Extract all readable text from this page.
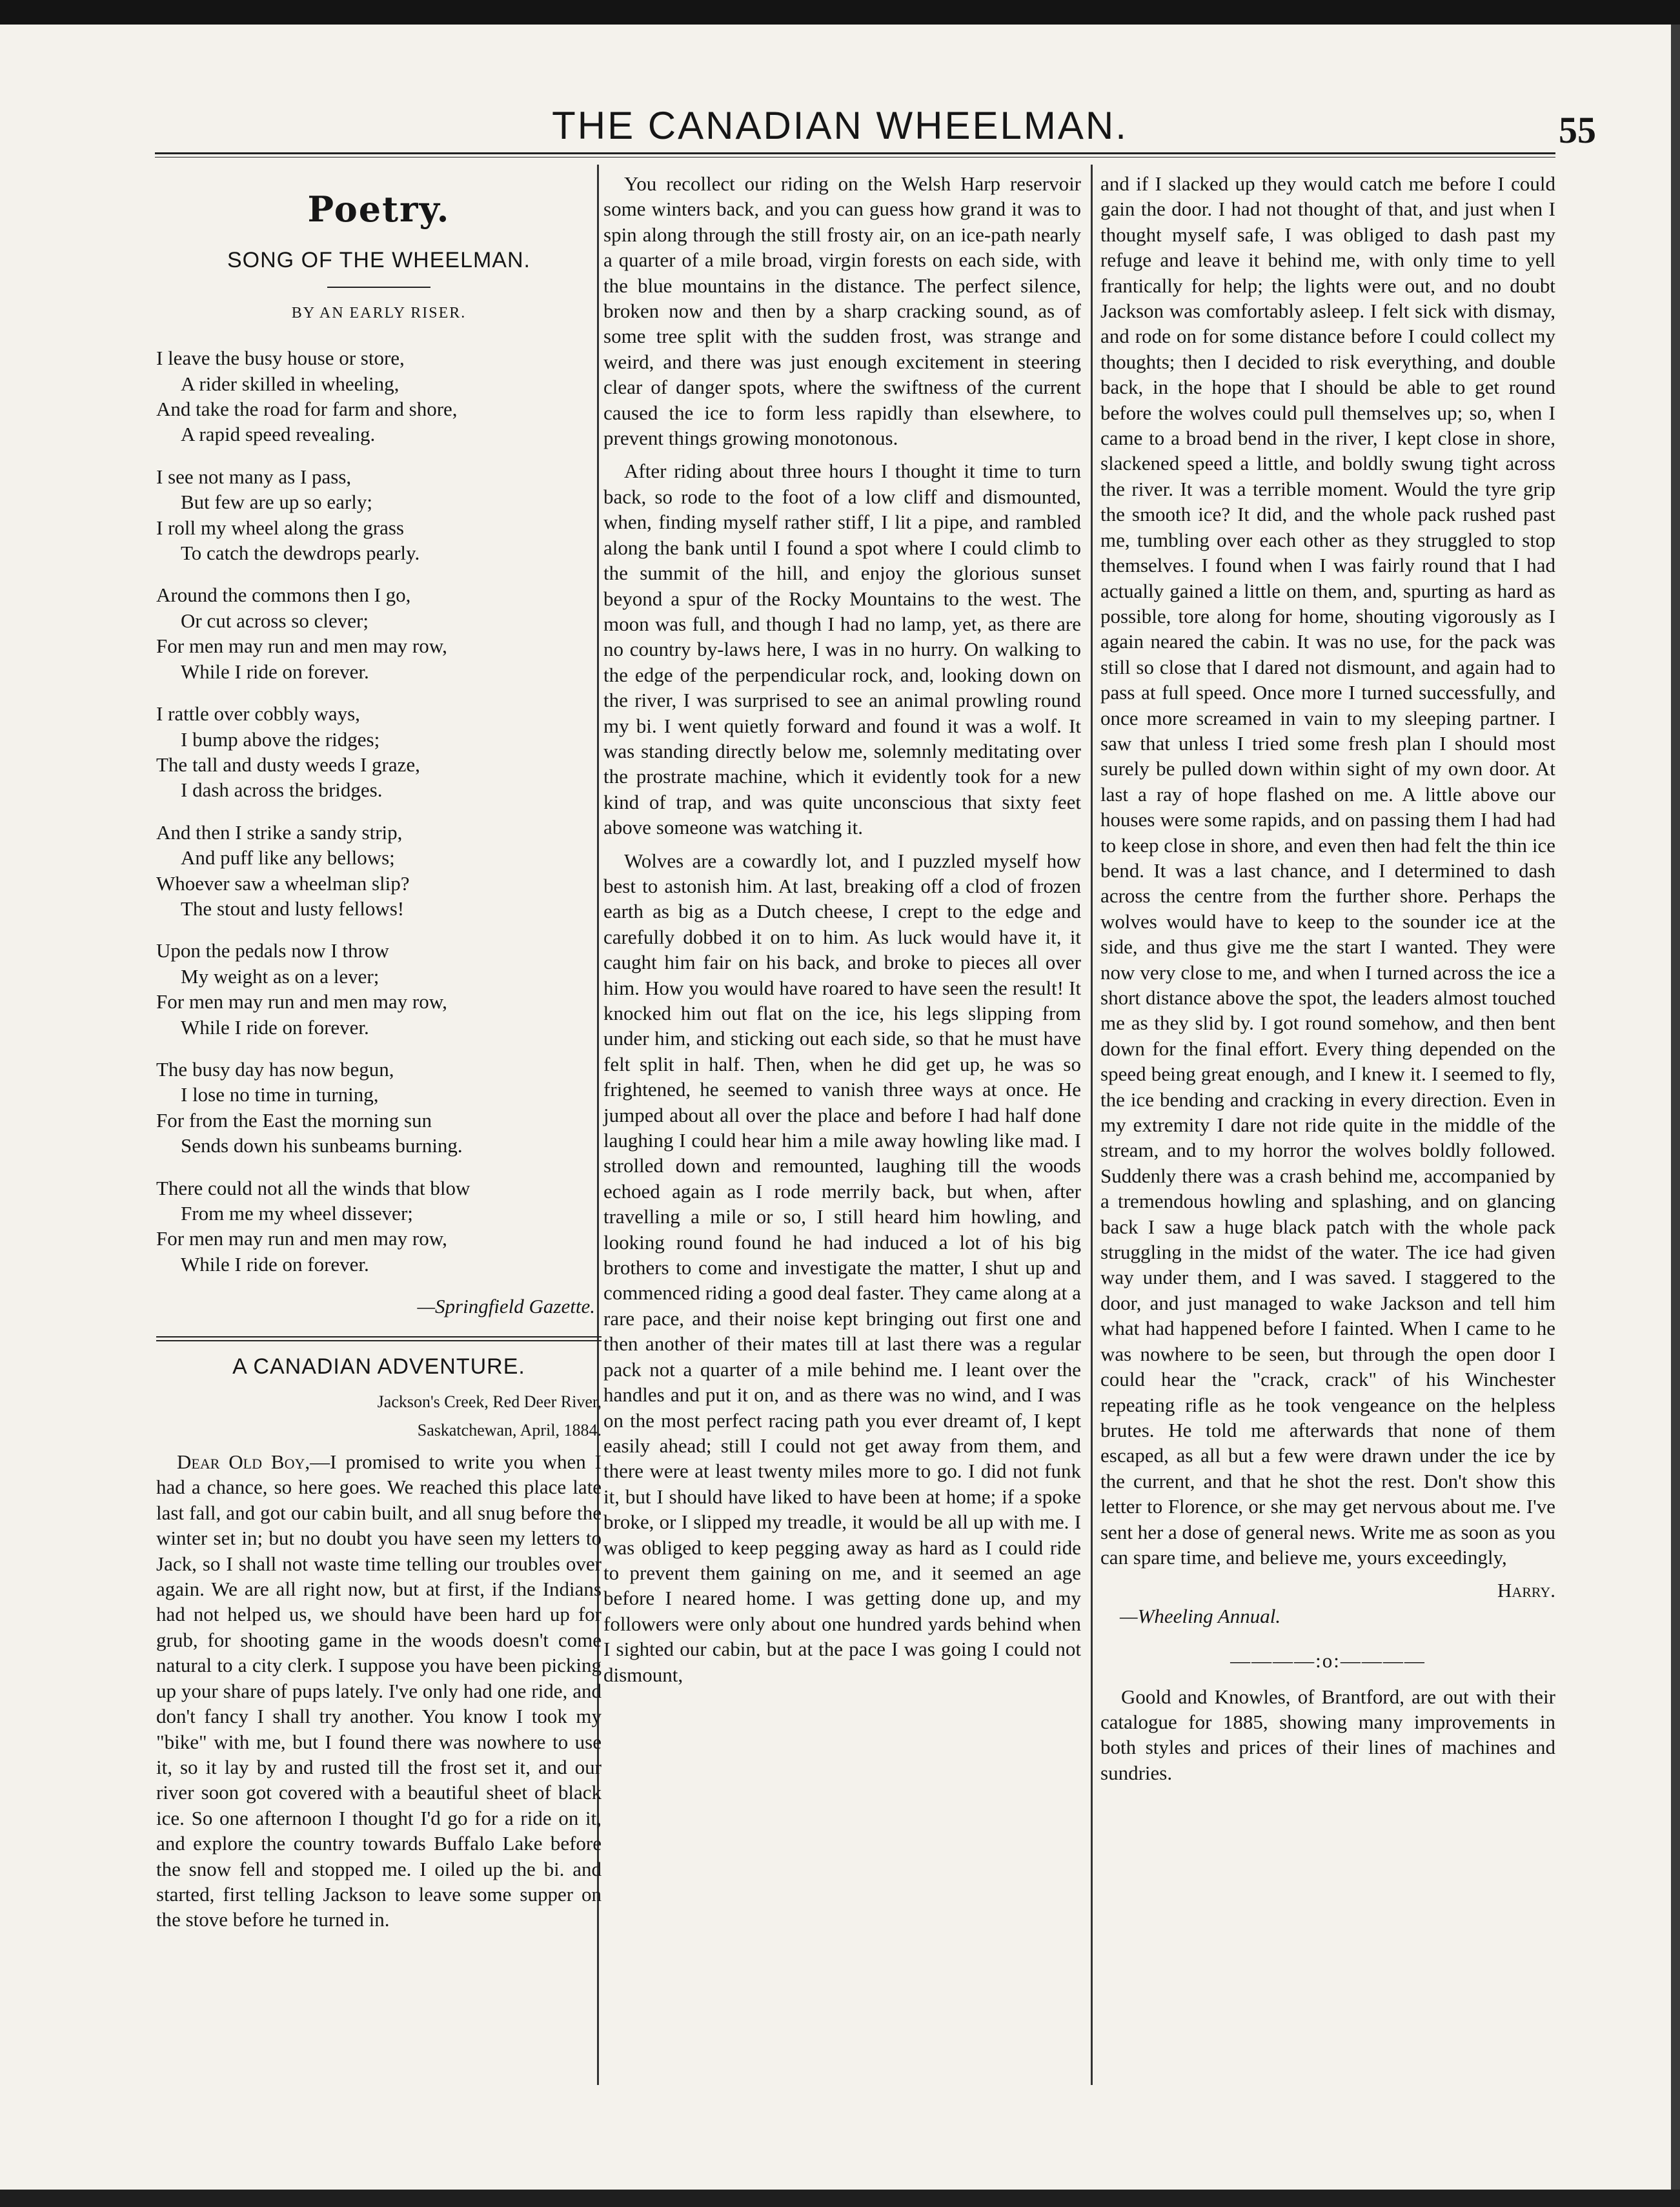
THE CANADIAN WHEELMAN.	55
Poetry.
SONG OF THE WHEELMAN.
BY AN EARLY RISER.
I leave the busy house or store,
A rider skilled in wheeling,
And take the road for farm and shore,
A rapid speed revealing.
I see not many as I pass,
But few are up so early;
I roll my wheel along the grass
To catch the dewdrops pearly.
Around the commons then I go,
Or cut across so clever;
For men may run and men may row,
While I ride on forever.
I rattle over cobbly ways,
I bump above the ridges;
The tall and dusty weeds I graze,
I dash across the bridges.
And then I strike a sandy strip,
And puff like any bellows;
Whoever saw a wheelman slip?
The stout and lusty fellows!
Upon the pedals now I throw
My weight as on a lever;
For men may run and men may row,
While I ride on forever.
The busy day has now begun,
I lose no time in turning,
For from the East the morning sun
Sends down his sunbeams burning.
There could not all the winds that blow
From me my wheel dissever;
For men may run and men may row,
While I ride on forever.
—Springfield Gazette.
A CANADIAN ADVENTURE.
Jackson's Creek, Red Deer River,
Saskatchewan, April, 1884.

Dear Old Boy,—I promised to write you when I had a chance, so here goes. We reached this place late last fall, and got our cabin built, and all snug before the winter set in; but no doubt you have seen my letters to Jack, so I shall not waste time telling our troubles over again. We are all right now, but at first, if the Indians had not helped us, we should have been hard up for grub, for shooting game in the woods doesn't come natural to a city clerk. I suppose you have been picking up your share of pups lately. I've only had one ride, and don't fancy I shall try another. You know I took my "bike" with me, but I found there was nowhere to use it, so it lay by and rusted till the frost set it, and our river soon got covered with a beautiful sheet of black ice. So one afternoon I thought I'd go for a ride on it, and explore the country towards Buffalo Lake before the snow fell and stopped me. I oiled up the bi. and started, first telling Jackson to leave some supper on the stove before he turned in.

You recollect our riding on the Welsh Harp reservoir some winters back, and you can guess how grand it was to spin along through the still frosty air, on an ice-path nearly a quarter of a mile broad, virgin forests on each side, with the blue mountains in the distance. The perfect silence, broken now and then by a sharp cracking sound, as of some tree split with the sudden frost, was strange and weird, and there was just enough excitement in steering clear of danger spots, where the swiftness of the current caused the ice to form less rapidly than elsewhere, to prevent things growing monotonous.

After riding about three hours I thought it time to turn back, so rode to the foot of a low cliff and dismounted, when, finding myself rather stiff, I lit a pipe, and rambled along the bank until I found a spot where I could climb to the summit of the hill, and enjoy the glorious sunset beyond a spur of the Rocky Mountains to the west. The moon was full, and though I had no lamp, yet, as there are no country by-laws here, I was in no hurry. On walking to the edge of the perpendicular rock, and, looking down on the river, I was surprised to see an animal prowling round my bi. I went quietly forward and found it was a wolf. It was standing directly below me, solemnly meditating over the prostrate machine, which it evidently took for a new kind of trap, and was quite unconscious that sixty feet above someone was watching it.

Wolves are a cowardly lot, and I puzzled myself how best to astonish him. At last, breaking off a clod of frozen earth as big as a Dutch cheese, I crept to the edge and carefully dobbed it on to him. As luck would have it, it caught him fair on his back, and broke to pieces all over him. How you would have roared to have seen the result! It knocked him out flat on the ice, his legs slipping from under him, and sticking out each side, so that he must have felt split in half. Then, when he did get up, he was so frightened, he seemed to vanish three ways at once. He jumped about all over the place and before I had half done laughing I could hear him a mile away howling like mad. I strolled down and remounted, laughing till the woods echoed again as I rode merrily back, but when, after travelling a mile or so, I still heard him howling, and looking round found he had induced a lot of his big brothers to come and investigate the matter, I shut up and commenced riding a good deal faster. They came along at a rare pace, and their noise kept bringing out first one and then another of their mates till at last there was a regular pack not a quarter of a mile behind me. I leant over the handles and put it on, and as there was no wind, and I was on the most perfect racing path you ever dreamt of, I kept easily ahead; still I could not get away from them, and there were at least twenty miles more to go. I did not funk it, but I should have liked to have been at home; if a spoke broke, or I slipped my treadle, it would be all up with me. I was obliged to keep pegging away as hard as I could ride to prevent them gaining on me, and it seemed an age before I neared home. I was getting done up, and my followers were only about one hundred yards behind when I sighted our cabin, but at the pace I was going I could not dismount,

and if I slacked up they would catch me before I could gain the door. I had not thought of that, and just when I thought myself safe, I was obliged to dash past my refuge and leave it behind me, with only time to yell frantically for help; the lights were out, and no doubt Jackson was comfortably asleep. I felt sick with dismay, and rode on for some distance before I could collect my thoughts; then I decided to risk everything, and double back, in the hope that I should be able to get round before the wolves could pull themselves up; so, when I came to a broad bend in the river, I kept close in shore, slackened speed a little, and boldly swung tight across the river. It was a terrible moment. Would the tyre grip the smooth ice? It did, and the whole pack rushed past me, tumbling over each other as they struggled to stop themselves. I found when I was fairly round that I had actually gained a little on them, and, spurting as hard as possible, tore along for home, shouting vigorously as I again neared the cabin. It was no use, for the pack was still so close that I dared not dismount, and again had to pass at full speed. Once more I turned successfully, and once more screamed in vain to my sleeping partner. I saw that unless I tried some fresh plan I should most surely be pulled down within sight of my own door. At last a ray of hope flashed on me. A little above our houses were some rapids, and on passing them I had had to keep close in shore, and even then had felt the thin ice bend. It was a last chance, and I determined to dash across the centre from the further shore. Perhaps the wolves would have to keep to the sounder ice at the side, and thus give me the start I wanted. They were now very close to me, and when I turned across the ice a short distance above the spot, the leaders almost touched me as they slid by. I got round somehow, and then bent down for the final effort. Every thing depended on the speed being great enough, and I knew it. I seemed to fly, the ice bending and cracking in every direction. Even in my extremity I dare not ride quite in the middle of the stream, and to my horror the wolves boldly followed. Suddenly there was a crash behind me, accompanied by a tremendous howling and splashing, and on glancing back I saw a huge black patch with the whole pack struggling in the midst of the water. The ice had given way under them, and I was saved. I staggered to the door, and just managed to wake Jackson and tell him what had happened before I fainted. When I came to he was nowhere to be seen, but through the open door I could hear the "crack, crack" of his Winchester repeating rifle as he took vengeance on the helpless brutes. He told me afterwards that none of them escaped, as all but a few were drawn under the ice by the current, and that he shot the rest. Don't show this letter to Florence, or she may get nervous about me. I've sent her a dose of general news. Write me as soon as you can spare time, and believe me, yours exceedingly,

Harry.
—Wheeling Annual.
————:o:————

Goold and Knowles, of Brantford, are out with their catalogue for 1885, showing many improvements in both styles and prices of their lines of machines and sundries.
